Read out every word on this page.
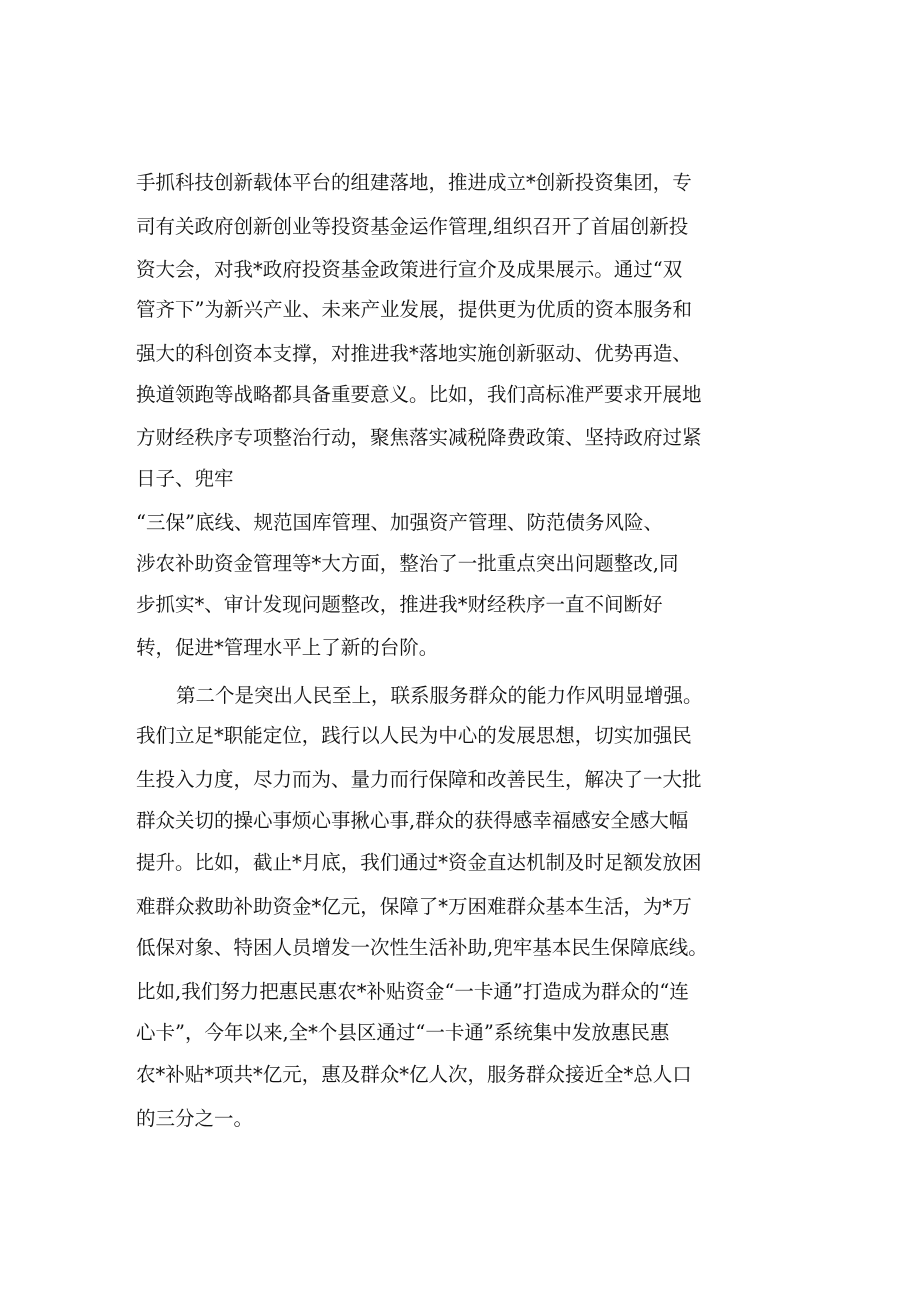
手抓科技创新载体平台的组建落地，推进成立*创新投资集团，专

司有关政府创新创业等投资基金运作管理,组织召开了首届创新投

资大会，对我*政府投资基金政策进行宣介及成果展示。通过“双

管齐下”为新兴产业、未来产业发展，提供更为优质的资本服务和

强大的科创资本支撑，对推进我*落地实施创新驱动、优势再造、

换道领跑等战略都具备重要意义。比如，我们高标准严要求开展地

方财经秩序专项整治行动，聚焦落实减税降费政策、坚持政府过紧

日子、兜牢

“三保”底线、规范国库管理、加强资产管理、防范债务风险、

涉农补助资金管理等*大方面，整治了一批重点突出问题整改,同

步抓实*、审计发现问题整改，推进我*财经秩序一直不间断好

转，促进*管理水平上了新的台阶。

第二个是突出人民至上，联系服务群众的能力作风明显增强。

我们立足*职能定位，践行以人民为中心的发展思想，切实加强民

生投入力度，尽力而为、量力而行保障和改善民生，解决了一大批

群众关切的操心事烦心事揪心事,群众的获得感幸福感安全感大幅

提升。比如，截止*月底，我们通过*资金直达机制及时足额发放困

难群众救助补助资金*亿元，保障了*万困难群众基本生活，为*万

低保对象、特困人员增发一次性生活补助,兜牢基本民生保障底线。

比如,我们努力把惠民惠农*补贴资金“一卡通”打造成为群众的“连

心卡”，今年以来,全*个县区通过“一卡通”系统集中发放惠民惠

农*补贴*项共*亿元，惠及群众*亿人次，服务群众接近全*总人口

的三分之一。
